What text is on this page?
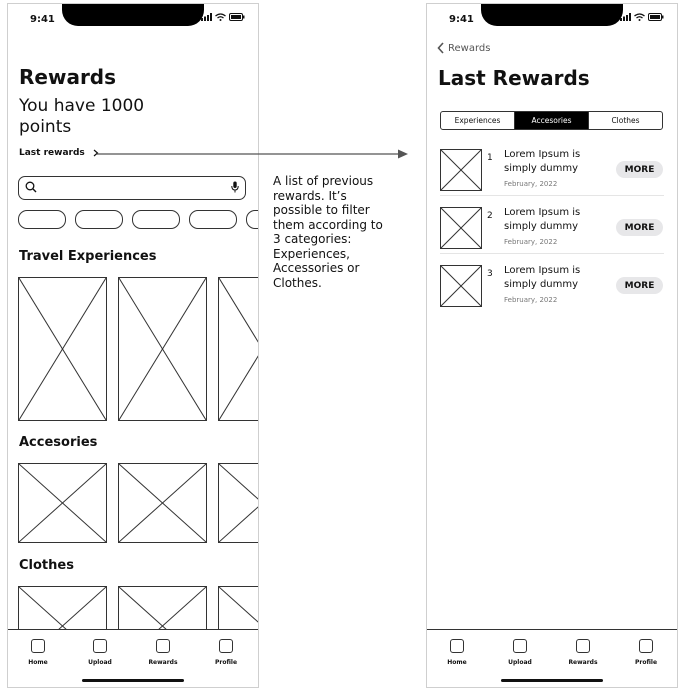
9:41
Rewards
You have 1000 points
Last rewards
Travel Experiences
Accesories
Clothes
Home	Upload	Rewards	Profile
A list of previous rewards. It’s possible to filter them according to 3 categories: Experiences, Accessories or Clothes.
9:41
Rewards
Last Rewards
Experiences	Accesories	Clothes
1 Lorem Ipsum is simply dummy
February, 2022
MORE
2 Lorem Ipsum is simply dummy
February, 2022
MORE
3 Lorem Ipsum is simply dummy
February, 2022
MORE
Home	Upload	Rewards	Profile
